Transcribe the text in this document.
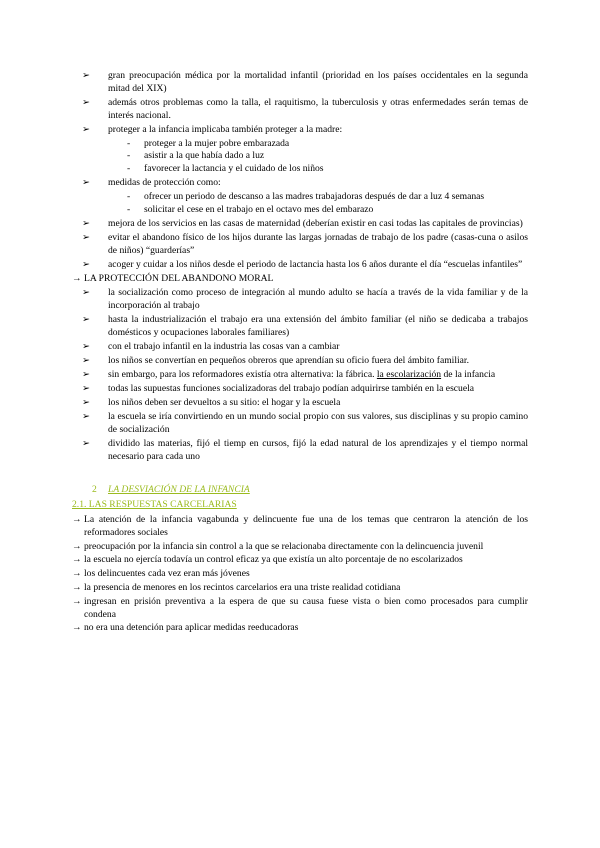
➢ gran preocupación médica por la mortalidad infantil (prioridad en los países occidentales en la segunda mitad del XIX)

➢ además otros problemas como la talla, el raquitismo, la tuberculosis y otras enfermedades serán temas de interés nacional.

➢ proteger a la infancia implicaba también proteger a la madre:

- proteger a la mujer pobre embarazada

- asistir a la que había dado a luz

- favorecer la lactancia y el cuidado de los niños

➢ medidas de protección como:

- ofrecer un periodo de descanso a las madres trabajadoras después de dar a luz 4 semanas

- solicitar el cese en el trabajo en el octavo mes del embarazo

➢ mejora de los servicios en las casas de maternidad (deberían existir en casi todas las capitales de provincias)

➢ evitar el abandono físico de los hijos durante las largas jornadas de trabajo de los padre (casas-cuna o asilos de niños) “guarderías”

➢ acoger y cuidar a los niños desde el periodo de lactancia hasta los 6 años durante el día “escuelas infantiles”

→ LA PROTECCIÓN DEL ABANDONO MORAL

➢ la socialización como proceso de integración al mundo adulto se hacía a través de la vida familiar y de la incorporación al trabajo

➢ hasta la industrialización el trabajo era una extensión del ámbito familiar (el niño se dedicaba a trabajos domésticos y ocupaciones laborales familiares)

➢ con el trabajo infantil en la industria las cosas van a cambiar

➢ los niños se convertían en pequeños obreros que aprendían su oficio fuera del ámbito familiar.

➢ sin embargo, para los reformadores existía otra alternativa: la fábrica. la escolarización de la infancia

➢ todas las supuestas funciones socializadoras del trabajo podían adquirirse también en la escuela

➢ los niños deben ser devueltos a su sitio: el hogar y la escuela

➢ la escuela se iría convirtiendo en un mundo social propio con sus valores, sus disciplinas y su propio camino de socialización

➢ dividido las materias, fijó el tiemp en cursos, fijó la edad natural de los aprendizajes y el tiempo normal necesario para cada uno

2 LA DESVIACIÓN DE LA INFANCIA

2.1. LAS RESPUESTAS CARCELARIAS

→ La atención de la infancia vagabunda y delincuente fue una de los temas que centraron la atención de los reformadores sociales

→ preocupación por la infancia sin control a la que se relacionaba directamente con la delincuencia juvenil

→ la escuela no ejercía todavía un control eficaz ya que existía un alto porcentaje de no escolarizados

→ los delincuentes cada vez eran más jóvenes

→ la presencia de menores en los recintos carcelarios era una triste realidad cotidiana

→ ingresan en prisión preventiva a la espera de que su causa fuese vista o bien como procesados para cumplir condena

→ no era una detención para aplicar medidas reeducadoras
